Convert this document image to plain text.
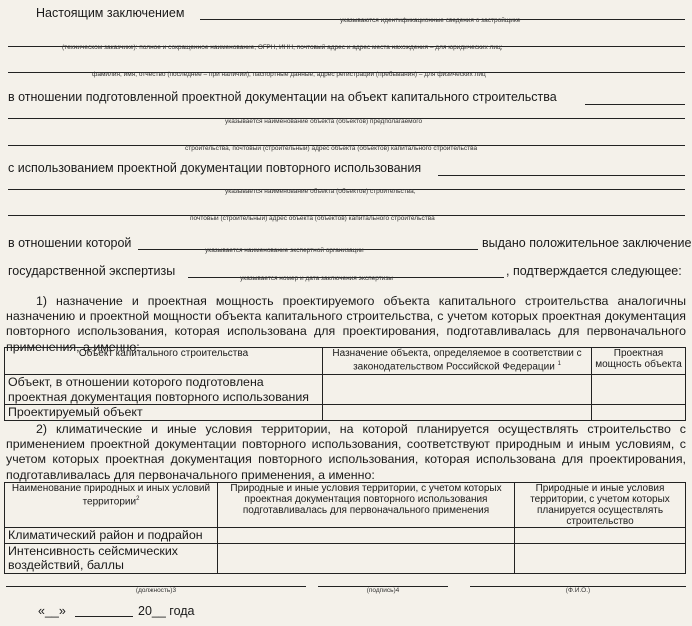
Настоящим заключением
указываются идентификационные сведения о застройщике
(техническом заказчике): полное и сокращенное наименование, ОГРН, ИНН, почтовый адрес и адрес места нахождения – для юридических лиц;
фамилия, имя, отчество (последнее – при наличии), паспортные данные, адрес регистрации (пребывания) – для физических лиц
в отношении подготовленной проектной документации на объект капитального строительства
указывается наименование объекта (объектов) предполагаемого
строительства, почтовый (строительный) адрес объекта (объектов) капитального строительства
с использованием проектной документации повторного использования
указывается наименование объекта (объектов) строительства,
почтовый (строительный) адрес объекта (объектов) капитального строительства
в отношении которой
указывается наименование экспертной организации
выдано положительное заключение
государственной экспертизы
указывается номер и дата заключения экспертизы
, подтверждается следующее:
1) назначение и проектная мощность проектируемого объекта капитального строительства аналогичны назначению и проектной мощности объекта капитального строительства, с учетом которых проектная документация повторного использования, которая использована для проектирования, подготавливалась для первоначального применения, а именно:
Объект капитального строительства	Назначение объекта, определяемое в соответствии с законодательством Российской Федерации $^1$	Проектная мощность объекта
Объект, в отношении которого подготовлена проектная документация повторного использования		
Проектируемый объект		
2) климатические и иные условия территории, на которой планируется осуществлять строительство с применением проектной документации повторного использования, соответствуют природным и иным условиям, с учетом которых проектная документация повторного использования, которая использована для проектирования, подготавливалась для первоначального применения, а именно:
Наименование природных и иных условий территории$^2$	Природные и иные условия территории, с учетом которых проектная документация повторного использования подготавливалась для первоначального применения	Природные и иные условия территории, с учетом которых планируется осуществлять строительство
Климатический район и подрайон		
Интенсивность сейсмических воздействий, баллы		
(должность)3	(подпись)4	(Ф.И.О.)
«__»	20__ года
